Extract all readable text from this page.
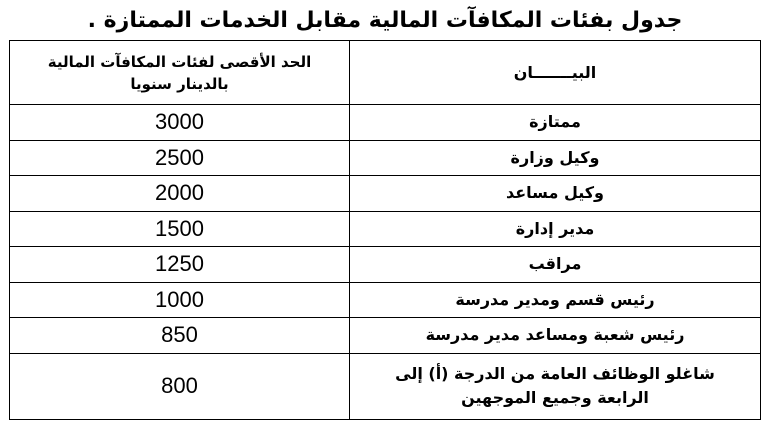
جدول بفئات المكافآت المالية مقابل الخدمات الممتازة .
الحد الأقصى لفئات المكافآت المالية
بالدينار سنويا	البيـــــــان
3000	ممتازة
2500	وكيل وزارة
2000	وكيل مساعد
1500	مدير إدارة
1250	مراقب
1000	رئيس قسم ومدير مدرسة
850	رئيس شعبة ومساعد مدير مدرسة
800	شاغلو الوظائف العامة من الدرجة (أ) إلى
الرابعة وجميع الموجهين
